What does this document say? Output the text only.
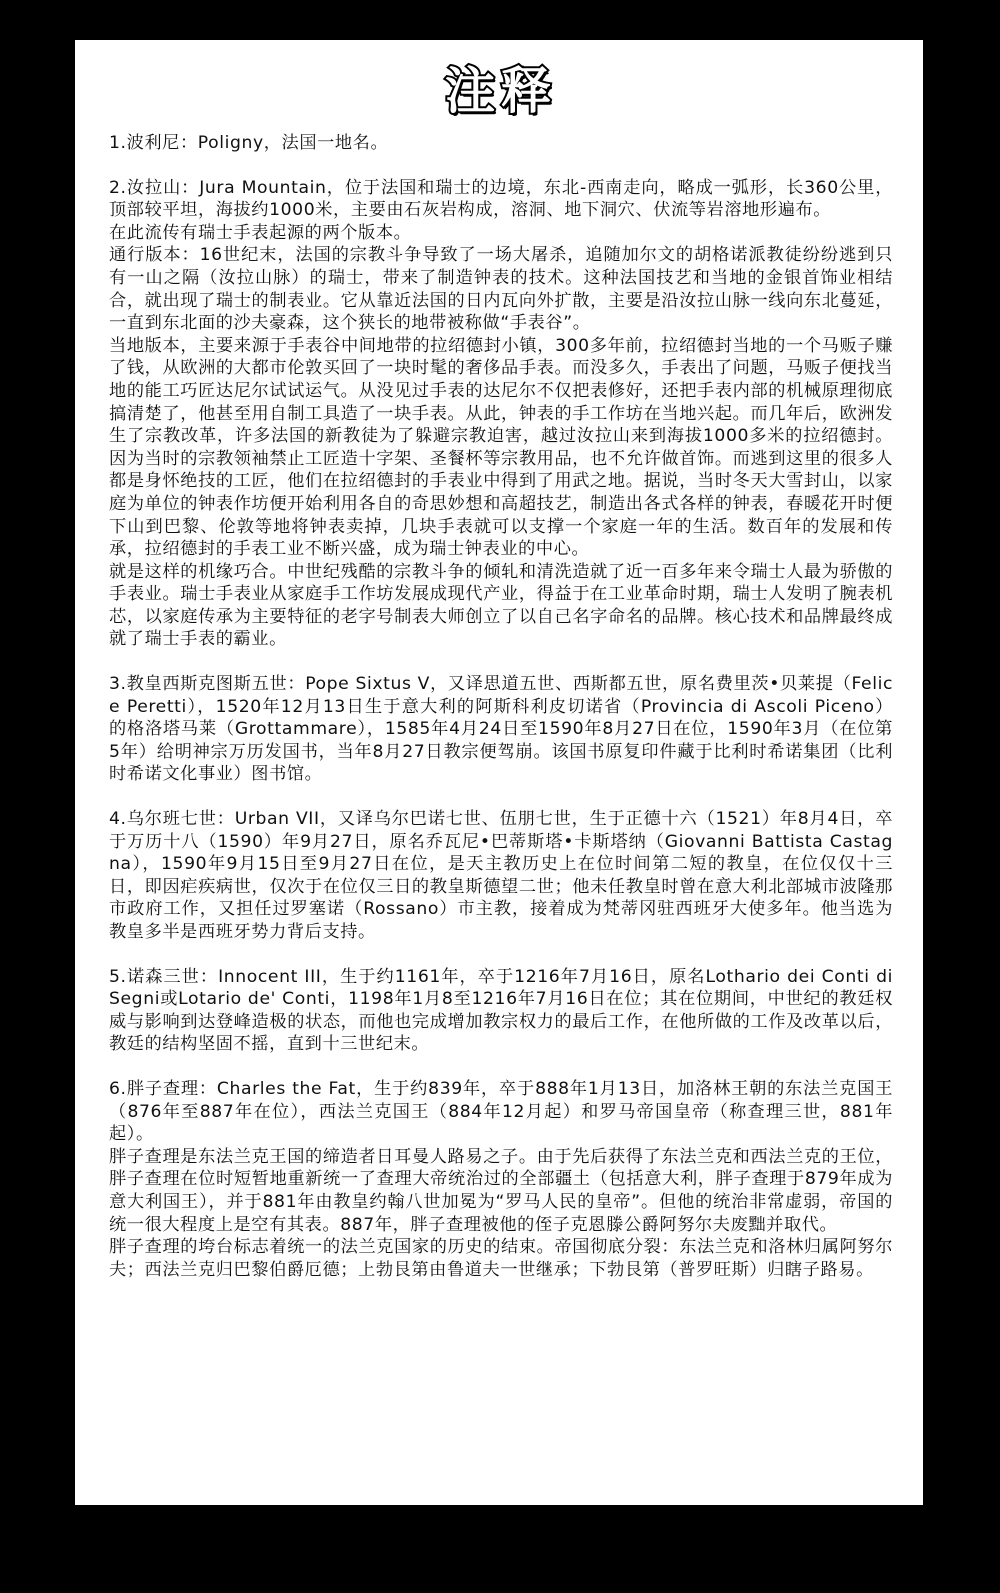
注释

1.波利尼：Poligny，法国一地名。

2.汝拉山：Jura Mountain，位于法国和瑞士的边境，东北-西南走向，略成一弧形，长360公里，顶部较平坦，海拔约1000米，主要由石灰岩构成，溶洞、地下洞穴、伏流等岩溶地形遍布。

在此流传有瑞士手表起源的两个版本。

通行版本：16世纪末，法国的宗教斗争导致了一场大屠杀，追随加尔文的胡格诺派教徒纷纷逃到只有一山之隔（汝拉山脉）的瑞士，带来了制造钟表的技术。这种法国技艺和当地的金银首饰业相结合，就出现了瑞士的制表业。它从靠近法国的日内瓦向外扩散，主要是沿汝拉山脉一线向东北蔓延，一直到东北面的沙夫豪森，这个狭长的地带被称做“手表谷”。

当地版本，主要来源于手表谷中间地带的拉绍德封小镇，300多年前，拉绍德封当地的一个马贩子赚了钱，从欧洲的大都市伦敦买回了一块时髦的奢侈品手表。而没多久，手表出了问题，马贩子便找当地的能工巧匠达尼尔试试运气。从没见过手表的达尼尔不仅把表修好，还把手表内部的机械原理彻底搞清楚了，他甚至用自制工具造了一块手表。从此，钟表的手工作坊在当地兴起。而几年后，欧洲发生了宗教改革，许多法国的新教徒为了躲避宗教迫害，越过汝拉山来到海拔1000多米的拉绍德封。因为当时的宗教领袖禁止工匠造十字架、圣餐杯等宗教用品，也不允许做首饰。而逃到这里的很多人都是身怀绝技的工匠，他们在拉绍德封的手表业中得到了用武之地。据说，当时冬天大雪封山，以家庭为单位的钟表作坊便开始利用各自的奇思妙想和高超技艺，制造出各式各样的钟表，春暖花开时便下山到巴黎、伦敦等地将钟表卖掉，几块手表就可以支撑一个家庭一年的生活。数百年的发展和传承，拉绍德封的手表工业不断兴盛，成为瑞士钟表业的中心。

就是这样的机缘巧合。中世纪残酷的宗教斗争的倾轧和清洗造就了近一百多年来令瑞士人最为骄傲的手表业。瑞士手表业从家庭手工作坊发展成现代产业，得益于在工业革命时期，瑞士人发明了腕表机芯，以家庭传承为主要特征的老字号制表大师创立了以自己名字命名的品牌。核心技术和品牌最终成就了瑞士手表的霸业。

3.教皇西斯克图斯五世：Pope Sixtus V，又译思道五世、西斯都五世，原名费里茨•贝莱提（Felice Peretti），1520年12月13日生于意大利的阿斯科利皮切诺省（Provincia di Ascoli Piceno）的格洛塔马莱（Grottammare），1585年4月24日至1590年8月27日在位，1590年3月（在位第5年）给明神宗万历发国书，当年8月27日教宗便驾崩。该国书原复印件藏于比利时希诺集团（比利时希诺文化事业）图书馆。

4.乌尔班七世：Urban VII，又译乌尔巴诺七世、伍朋七世，生于正德十六（1521）年8月4日，卒于万历十八（1590）年9月27日，原名乔瓦尼•巴蒂斯塔•卡斯塔纳（Giovanni Battista Castagna），1590年9月15日至9月27日在位，是天主教历史上在位时间第二短的教皇，在位仅仅十三日，即因疟疾病世，仅次于在位仅三日的教皇斯德望二世；他未任教皇时曾在意大利北部城市波隆那市政府工作，又担任过罗塞诺（Rossano）市主教，接着成为梵蒂冈驻西班牙大使多年。他当选为教皇多半是西班牙势力背后支持。

5.诺森三世：Innocent III，生于约1161年，卒于1216年7月16日，原名Lothario dei Conti di Segni或Lotario de' Conti，1198年1月8至1216年7月16日在位；其在位期间，中世纪的教廷权威与影响到达登峰造极的状态，而他也完成增加教宗权力的最后工作，在他所做的工作及改革以后，教廷的结构坚固不摇，直到十三世纪末。

6.胖子查理：Charles the Fat，生于约839年，卒于888年1月13日，加洛林王朝的东法兰克国王（876年至887年在位），西法兰克国王（884年12月起）和罗马帝国皇帝（称查理三世，881年起）。

胖子查理是东法兰克王国的缔造者日耳曼人路易之子。由于先后获得了东法兰克和西法兰克的王位，胖子查理在位时短暂地重新统一了查理大帝统治过的全部疆土（包括意大利，胖子查理于879年成为意大利国王），并于881年由教皇约翰八世加冕为“罗马人民的皇帝”。但他的统治非常虚弱，帝国的统一很大程度上是空有其表。887年，胖子查理被他的侄子克恩滕公爵阿努尔夫废黜并取代。

胖子查理的垮台标志着统一的法兰克国家的历史的结束。帝国彻底分裂：东法兰克和洛林归属阿努尔夫；西法兰克归巴黎伯爵厄德；上勃艮第由鲁道夫一世继承；下勃艮第（普罗旺斯）归瞎子路易。
